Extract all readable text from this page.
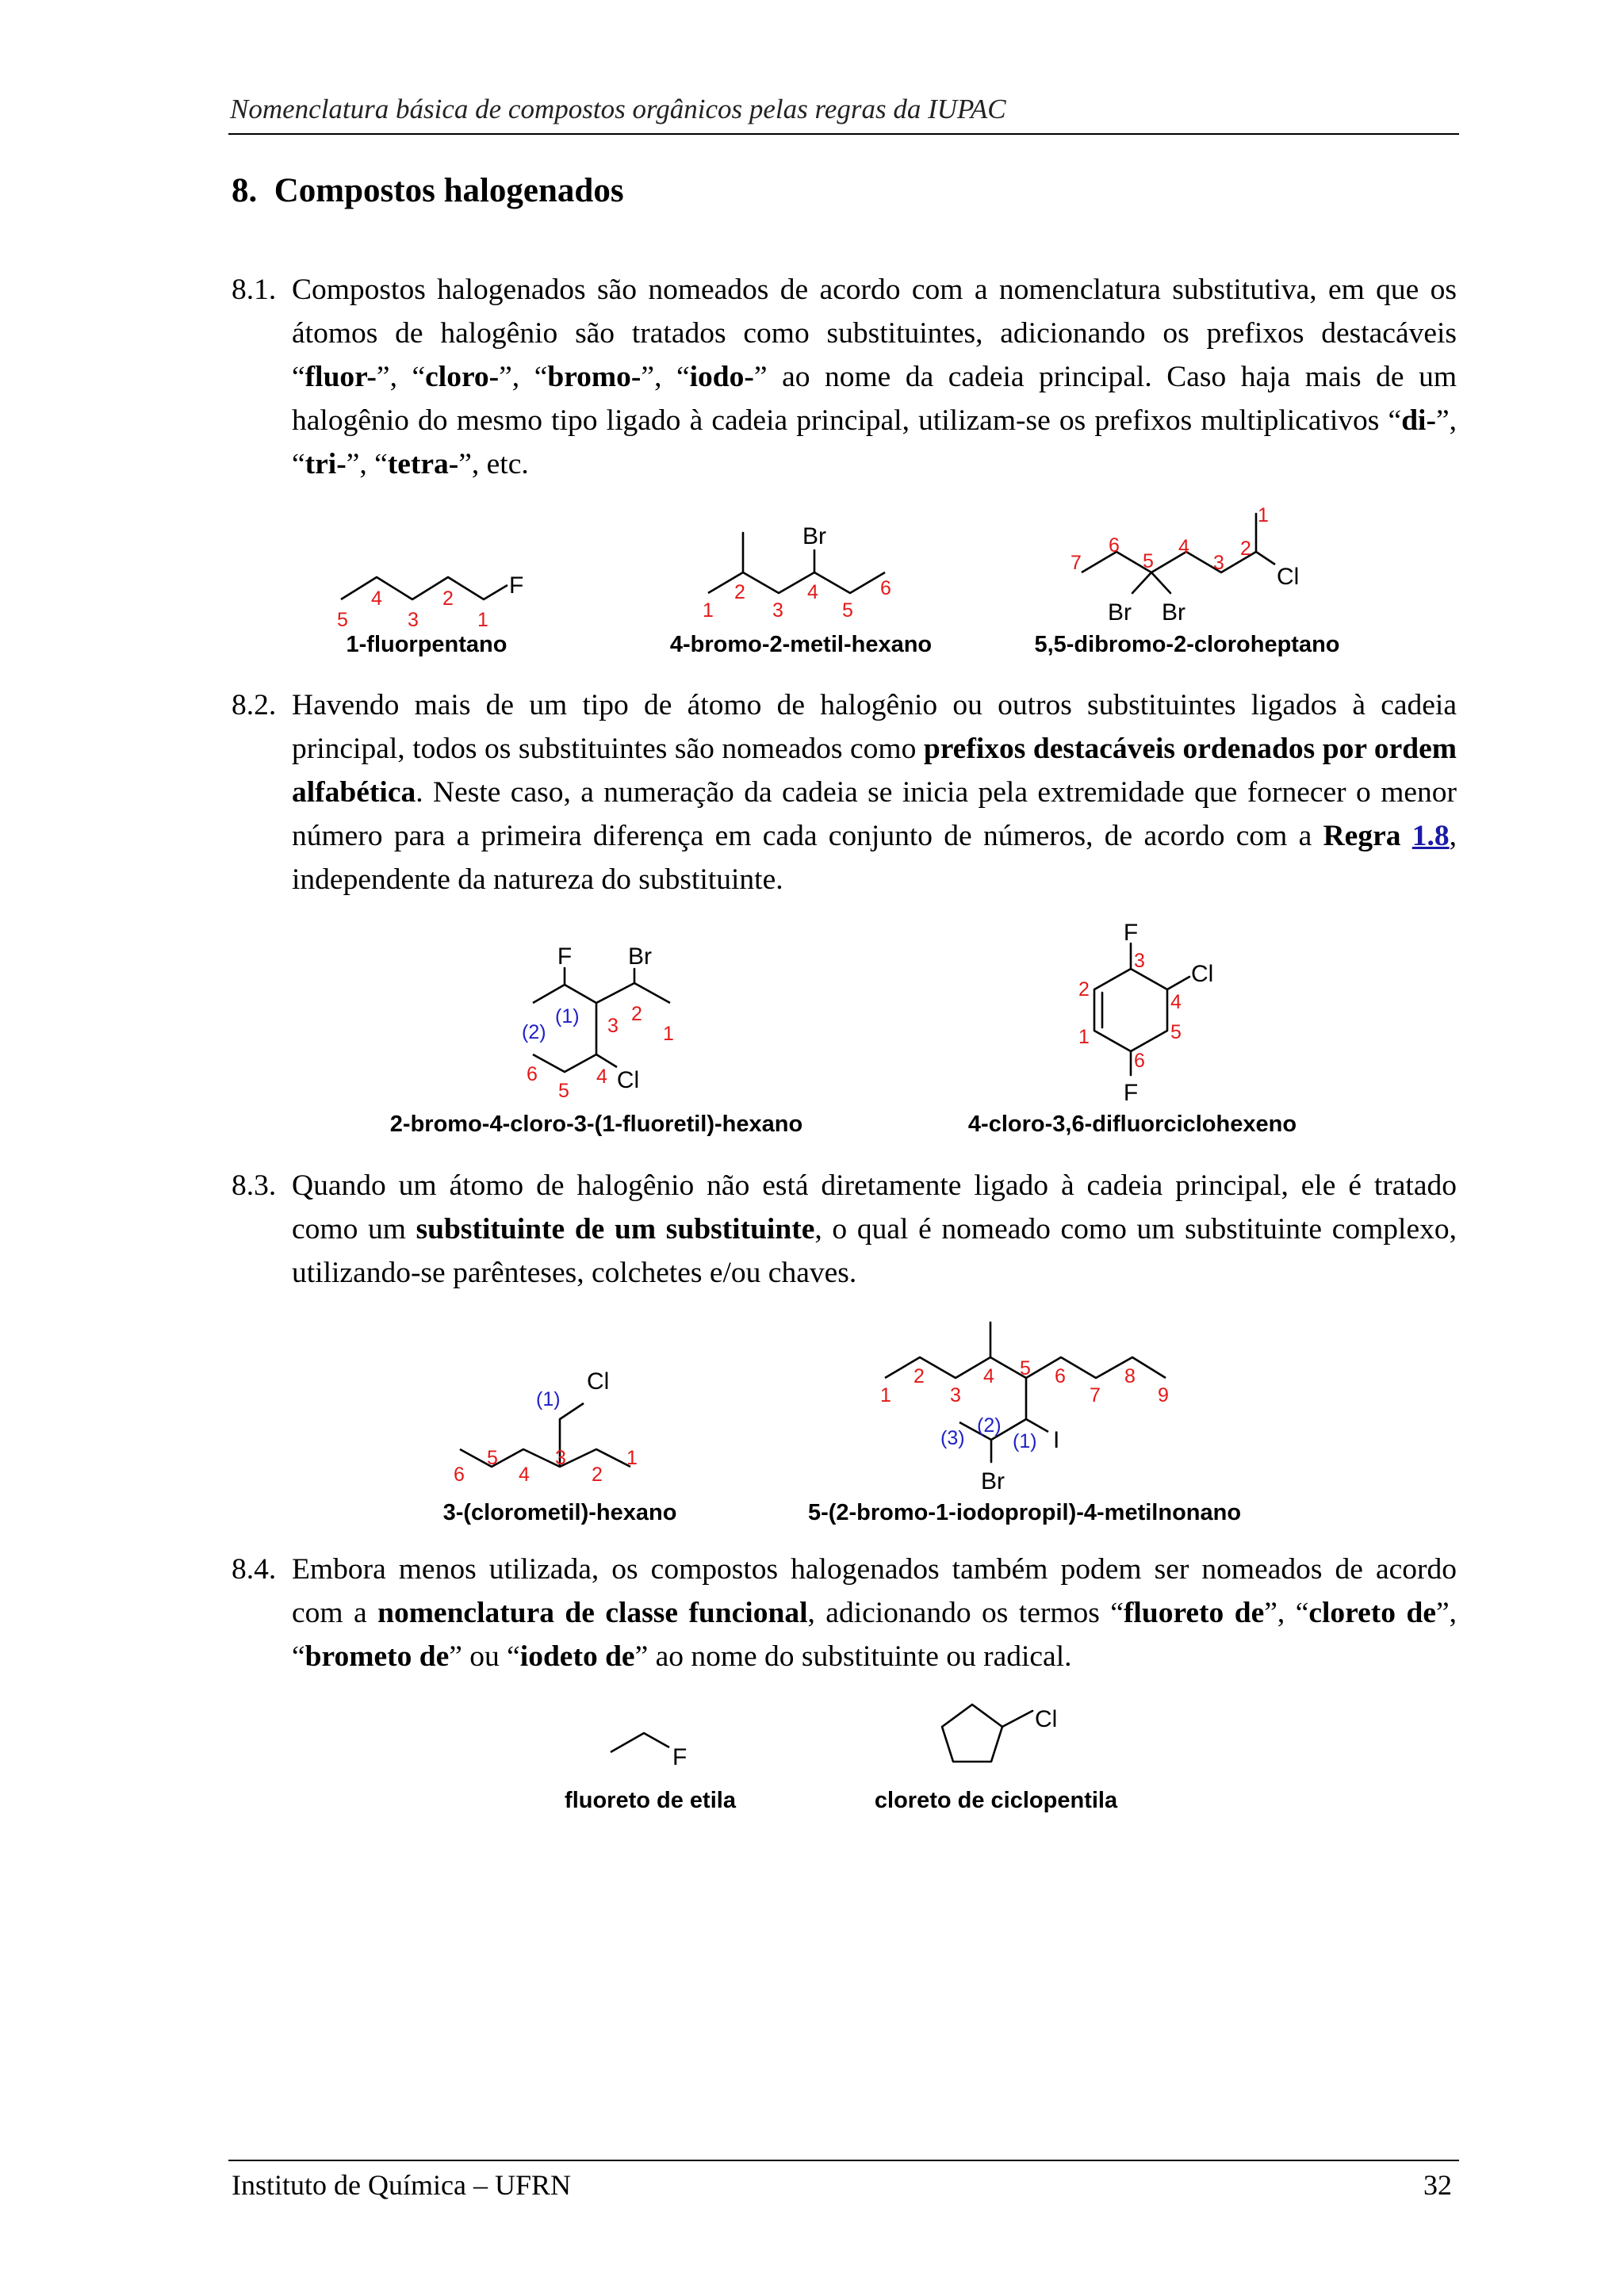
Nomenclatura básica de compostos orgânicos pelas regras da IUPAC
8. Compostos halogenados
8.1. Compostos halogenados são nomeados de acordo com a nomenclatura substitutiva, em que os átomos de halogênio são tratados como substituintes, adicionando os prefixos destacáveis “fluor-”, “cloro-”, “bromo-”, “iodo-” ao nome da cadeia principal. Caso haja mais de um halogênio do mesmo tipo ligado à cadeia principal, utilizam-se os prefixos multiplicativos “di-”, “tri-”, “tetra-”, etc.
F
5
4
3
2
1
1-fluorpentano
Br
1
2
3
4
5
6
4-bromo-2-metil-hexano
Cl
Br Br
1
2
3
4
5
6
7
5,5-dibromo-2-cloroheptano
8.2. Havendo mais de um tipo de átomo de halogênio ou outros substituintes ligados à cadeia principal, todos os substituintes são nomeados como prefixos destacáveis ordenados por ordem alfabética. Neste caso, a numeração da cadeia se inicia pela extremidade que fornecer o menor número para a primeira diferença em cada conjunto de números, de acordo com a Regra 1.8, independente da natureza do substituinte.
F Br
Cl
(1)
(2)	1
2
3
4
5
6
2-bromo-4-cloro-3-(1-fluoretil)-hexano
F
F
Cl
1
2
3
4
5
6
4-cloro-3,6-difluorciclohexeno
8.3. Quando um átomo de halogênio não está diretamente ligado à cadeia principal, ele é tratado como um substituinte de um substituinte, o qual é nomeado como um substituinte complexo, utilizando-se parênteses, colchetes e/ou chaves.
Cl
(1)
1
2
3
4
5
6
3-(clorometil)-hexano
I
Br
(1)
(2)
(3)
1
2
3
4 5 6
7
8
9
5-(2-bromo-1-iodopropil)-4-metilnonano
8.4. Embora menos utilizada, os compostos halogenados também podem ser nomeados de acordo com a nomenclatura de classe funcional, adicionando os termos “fluoreto de”, “cloreto de”, “brometo de” ou “iodeto de” ao nome do substituinte ou radical.
F
fluoreto de etila
Cl
cloreto de ciclopentila
Instituto de Química – UFRN	32
